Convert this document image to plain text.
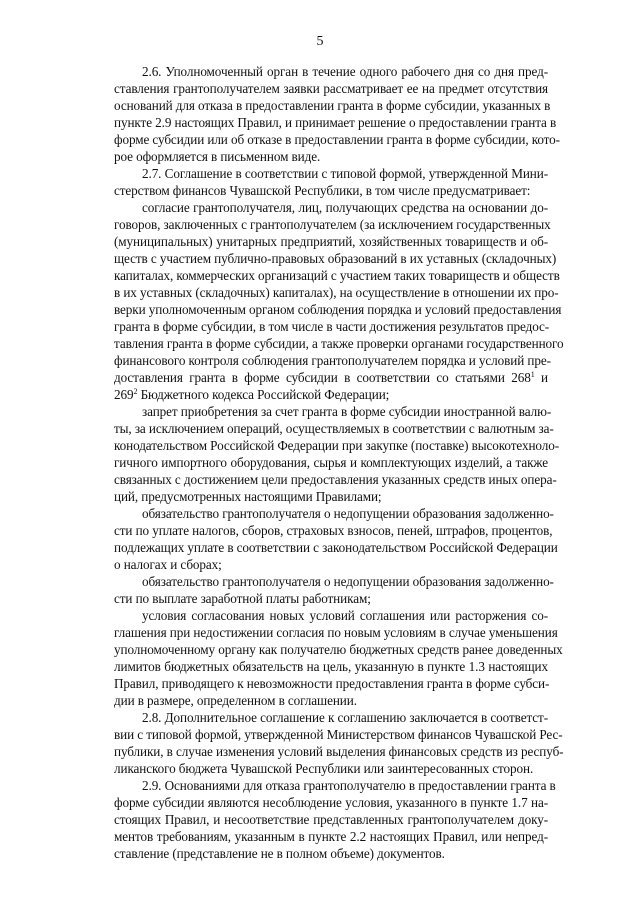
5
2.6. Уполномоченный орган в течение одного рабочего дня со дня пред-
ставления грантополучателем заявки рассматривает ее на предмет отсутствия
оснований для отказа в предоставлении гранта в форме субсидии, указанных в
пункте 2.9 настоящих Правил, и принимает решение о предоставлении гранта в
форме субсидии или об отказе в предоставлении гранта в форме субсидии, кото-
рое оформляется в письменном виде.
2.7. Соглашение в соответствии с типовой формой, утвержденной Мини-
стерством финансов Чувашской Республики, в том числе предусматривает:
согласие грантополучателя, лиц, получающих средства на основании до-
говоров, заключенных с грантополучателем (за исключением государственных
(муниципальных) унитарных предприятий, хозяйственных товариществ и об-
ществ с участием публично-правовых образований в их уставных (складочных)
капиталах, коммерческих организаций с участием таких товариществ и обществ
в их уставных (складочных) капиталах), на осуществление в отношении их про-
верки уполномоченным органом соблюдения порядка и условий предоставления
гранта в форме субсидии, в том числе в части достижения результатов предос-
тавления гранта в форме субсидии, а также проверки органами государственного
финансового контроля соблюдения грантополучателем порядка и условий пре-
доставления гранта в форме субсидии в соответствии со статьями $268^1$ и
$269^2$ Бюджетного кодекса Российской Федерации;
запрет приобретения за счет гранта в форме субсидии иностранной валю-
ты, за исключением операций, осуществляемых в соответствии с валютным за-
конодательством Российской Федерации при закупке (поставке) высокотехноло-
гичного импортного оборудования, сырья и комплектующих изделий, а также
связанных с достижением цели предоставления указанных средств иных опера-
ций, предусмотренных настоящими Правилами;
обязательство грантополучателя о недопущении образования задолженно-
сти по уплате налогов, сборов, страховых взносов, пеней, штрафов, процентов,
подлежащих уплате в соответствии с законодательством Российской Федерации
о налогах и сборах;
обязательство грантополучателя о недопущении образования задолженно-
сти по выплате заработной платы работникам;
условия согласования новых условий соглашения или расторжения со-
глашения при недостижении согласия по новым условиям в случае уменьшения
уполномоченному органу как получателю бюджетных средств ранее доведенных
лимитов бюджетных обязательств на цель, указанную в пункте 1.3 настоящих
Правил, приводящего к невозможности предоставления гранта в форме субси-
дии в размере, определенном в соглашении.
2.8. Дополнительное соглашение к соглашению заключается в соответст-
вии с типовой формой, утвержденной Министерством финансов Чувашской Рес-
публики, в случае изменения условий выделения финансовых средств из респуб-
ликанского бюджета Чувашской Республики или заинтересованных сторон.
2.9. Основаниями для отказа грантополучателю в предоставлении гранта в
форме субсидии являются несоблюдение условия, указанного в пункте 1.7 на-
стоящих Правил, и несоответствие представленных грантополучателем доку-
ментов требованиям, указанным в пункте 2.2 настоящих Правил, или непред-
ставление (представление не в полном объеме) документов.
